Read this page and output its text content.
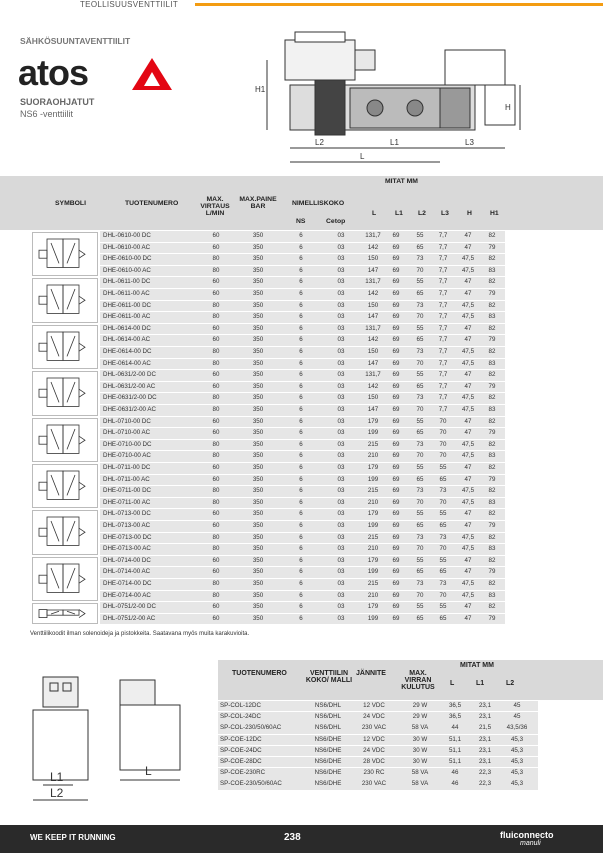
TEOLLISUUSVENTTIILIT
SÄHKÖSUUNTAVENTTIILIT
atos
SUORAOHJATUT
NS6 -venttiilit
H1
H
L2	L1	L3
L
SYMBOLI	TUOTENUMERO
MAX. VIRTAUS L/MIN
MAX.PAINE BAR	NIMELLISKOKO
NS	Cetop
MITAT MM
L	L1 L2 L3	H	H1
DHL-0610-00 DC	60	350	6	03	131,7	69	55	7,7	47	82
DHL-0610-00 AC	60	350	6	03	142	69	65	7,7	47	79
DHE-0610-00 DC	80	350	6	03	150	69	73	7,7	47,5	82
DHE-0610-00 AC	80	350	6	03	147	69	70	7,7	47,5	83
DHL-0611-00 DC	60	350	6	03	131,7	69	55	7,7	47	82
DHL-0611-00 AC	60	350	6	03	142	69	65	7,7	47	79
DHE-0611-00 DC	80	350	6	03	150	69	73	7,7	47,5	82
DHE-0611-00 AC	80	350	6	03	147	69	70	7,7	47,5	83
DHL-0614-00 DC	60	350	6	03	131,7	69	55	7,7	47	82
DHL-0614-00 AC	60	350	6	03	142	69	65	7,7	47	79
DHE-0614-00 DC	80	350	6	03	150	69	73	7,7	47,5	82
DHE-0614-00 AC	80	350	6	03	147	69	70	7,7	47,5	83
DHL-0631/2-00 DC	60	350	6	03	131,7	69	55	7,7	47	82
DHL-0631/2-00 AC	60	350	6	03	142	69	65	7,7	47	79
DHE-0631/2-00 DC	80	350	6	03	150	69	73	7,7	47,5	82
DHE-0631/2-00 AC	80	350	6	03	147	69	70	7,7	47,5	83
DHL-0710-00 DC	60	350	6	03	179	69	55	70	47	82
DHL-0710-00 AC	60	350	6	03	199	69	65	70	47	79
DHE-0710-00 DC	80	350	6	03	215	69	73	70	47,5	82
DHE-0710-00 AC	80	350	6	03	210	69	70	70	47,5	83
DHL-0711-00 DC	60	350	6	03	179	69	55	55	47	82
DHL-0711-00 AC	60	350	6	03	199	69	65	65	47	79
DHE-0711-00 DC	80	350	6	03	215	69	73	73	47,5	82
DHE-0711-00 AC	80	350	6	03	210	69	70	70	47,5	83
DHL-0713-00 DC	60	350	6	03	179	69	55	55	47	82
DHL-0713-00 AC	60	350	6	03	199	69	65	65	47	79
DHE-0713-00 DC	80	350	6	03	215	69	73	73	47,5	82
DHE-0713-00 AC	80	350	6	03	210	69	70	70	47,5	83
DHL-0714-00 DC	60	350	6	03	179	69	55	55	47	82
DHL-0714-00 AC	60	350	6	03	199	69	65	65	47	79
DHE-0714-00 DC	80	350	6	03	215	69	73	73	47,5	82
DHE-0714-00 AC	80	350	6	03	210	69	70	70	47,5	83
DHL-0751/2-00 DC	60	350	6	03	179	69	55	55	47	82
DHL-0751/2-00 AC	60	350	6	03	199	69	65	65	47	79
Venttiilikoodit ilman solenoideja ja pistokkeita. Saatavana myös muita karakuvioita.
L1
L2
L
TUOTENUMERO	VENTTIILIN KOKO/ MALLI
JÄNNITE	MAX. VIRRAN KULUTUS
MITAT MM
L	L1	L2
SP-COL-12DC	NS6/DHL	12 VDC	29 W	36,5	23,1	45
SP-COL-24DC	NS6/DHL	24 VDC	29 W	36,5	23,1	45
SP-COL-230/50/60AC	NS6/DHL	230 VAC	58 VA	44	21,5	43,5/36
SP-COE-12DC	NS6/DHE	12 VDC	30 W	51,1	23,1	45,3
SP-COE-24DC	NS6/DHE	24 VDC	30 W	51,1	23,1	45,3
SP-COE-28DC	NS6/DHE	28 VDC	30 W	51,1	23,1	45,3
SP-COE-230RC	NS6/DHE	230 RC	58 VA	46	22,3	45,3
SP-COE-230/50/60AC	NS6/DHE	230 VAC	58 VA	46	22,3	45,3
WE KEEP IT RUNNING	238	fluiconnecto
manuli
